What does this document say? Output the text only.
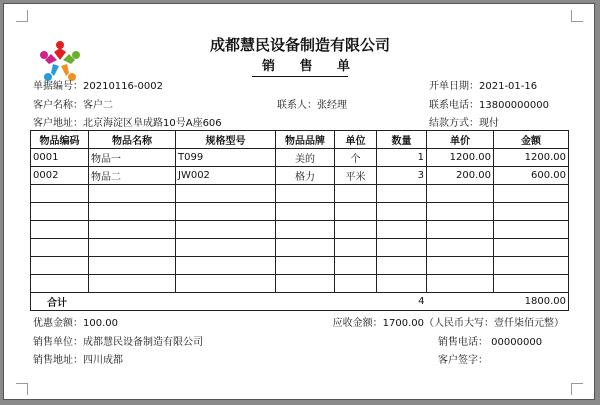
成都慧民设备制造有限公司
销 售 单
单据编号：20210116-0002	开单日期：2021-01-16
客户名称：客户二	联系人：张经理	联系电话：13800000000
客户地址：北京海淀区阜成路10号A座606	结款方式：现付
物品编码	物品名称	规格型号	物品品牌	单位	数量	单价	金额
0001	物品一	T099	美的	个	1	1200.00	1200.00
0002	物品二	JW002	格力	平米	3	200.00	600.00

合计					4		1800.00
优惠金额：100.00	应收金额：1700.00（人民币大写：壹仟柒佰元整）
销售单位：成都慧民设备制造有限公司	销售电话： 00000000
销售地址：四川成都	客户签字：
